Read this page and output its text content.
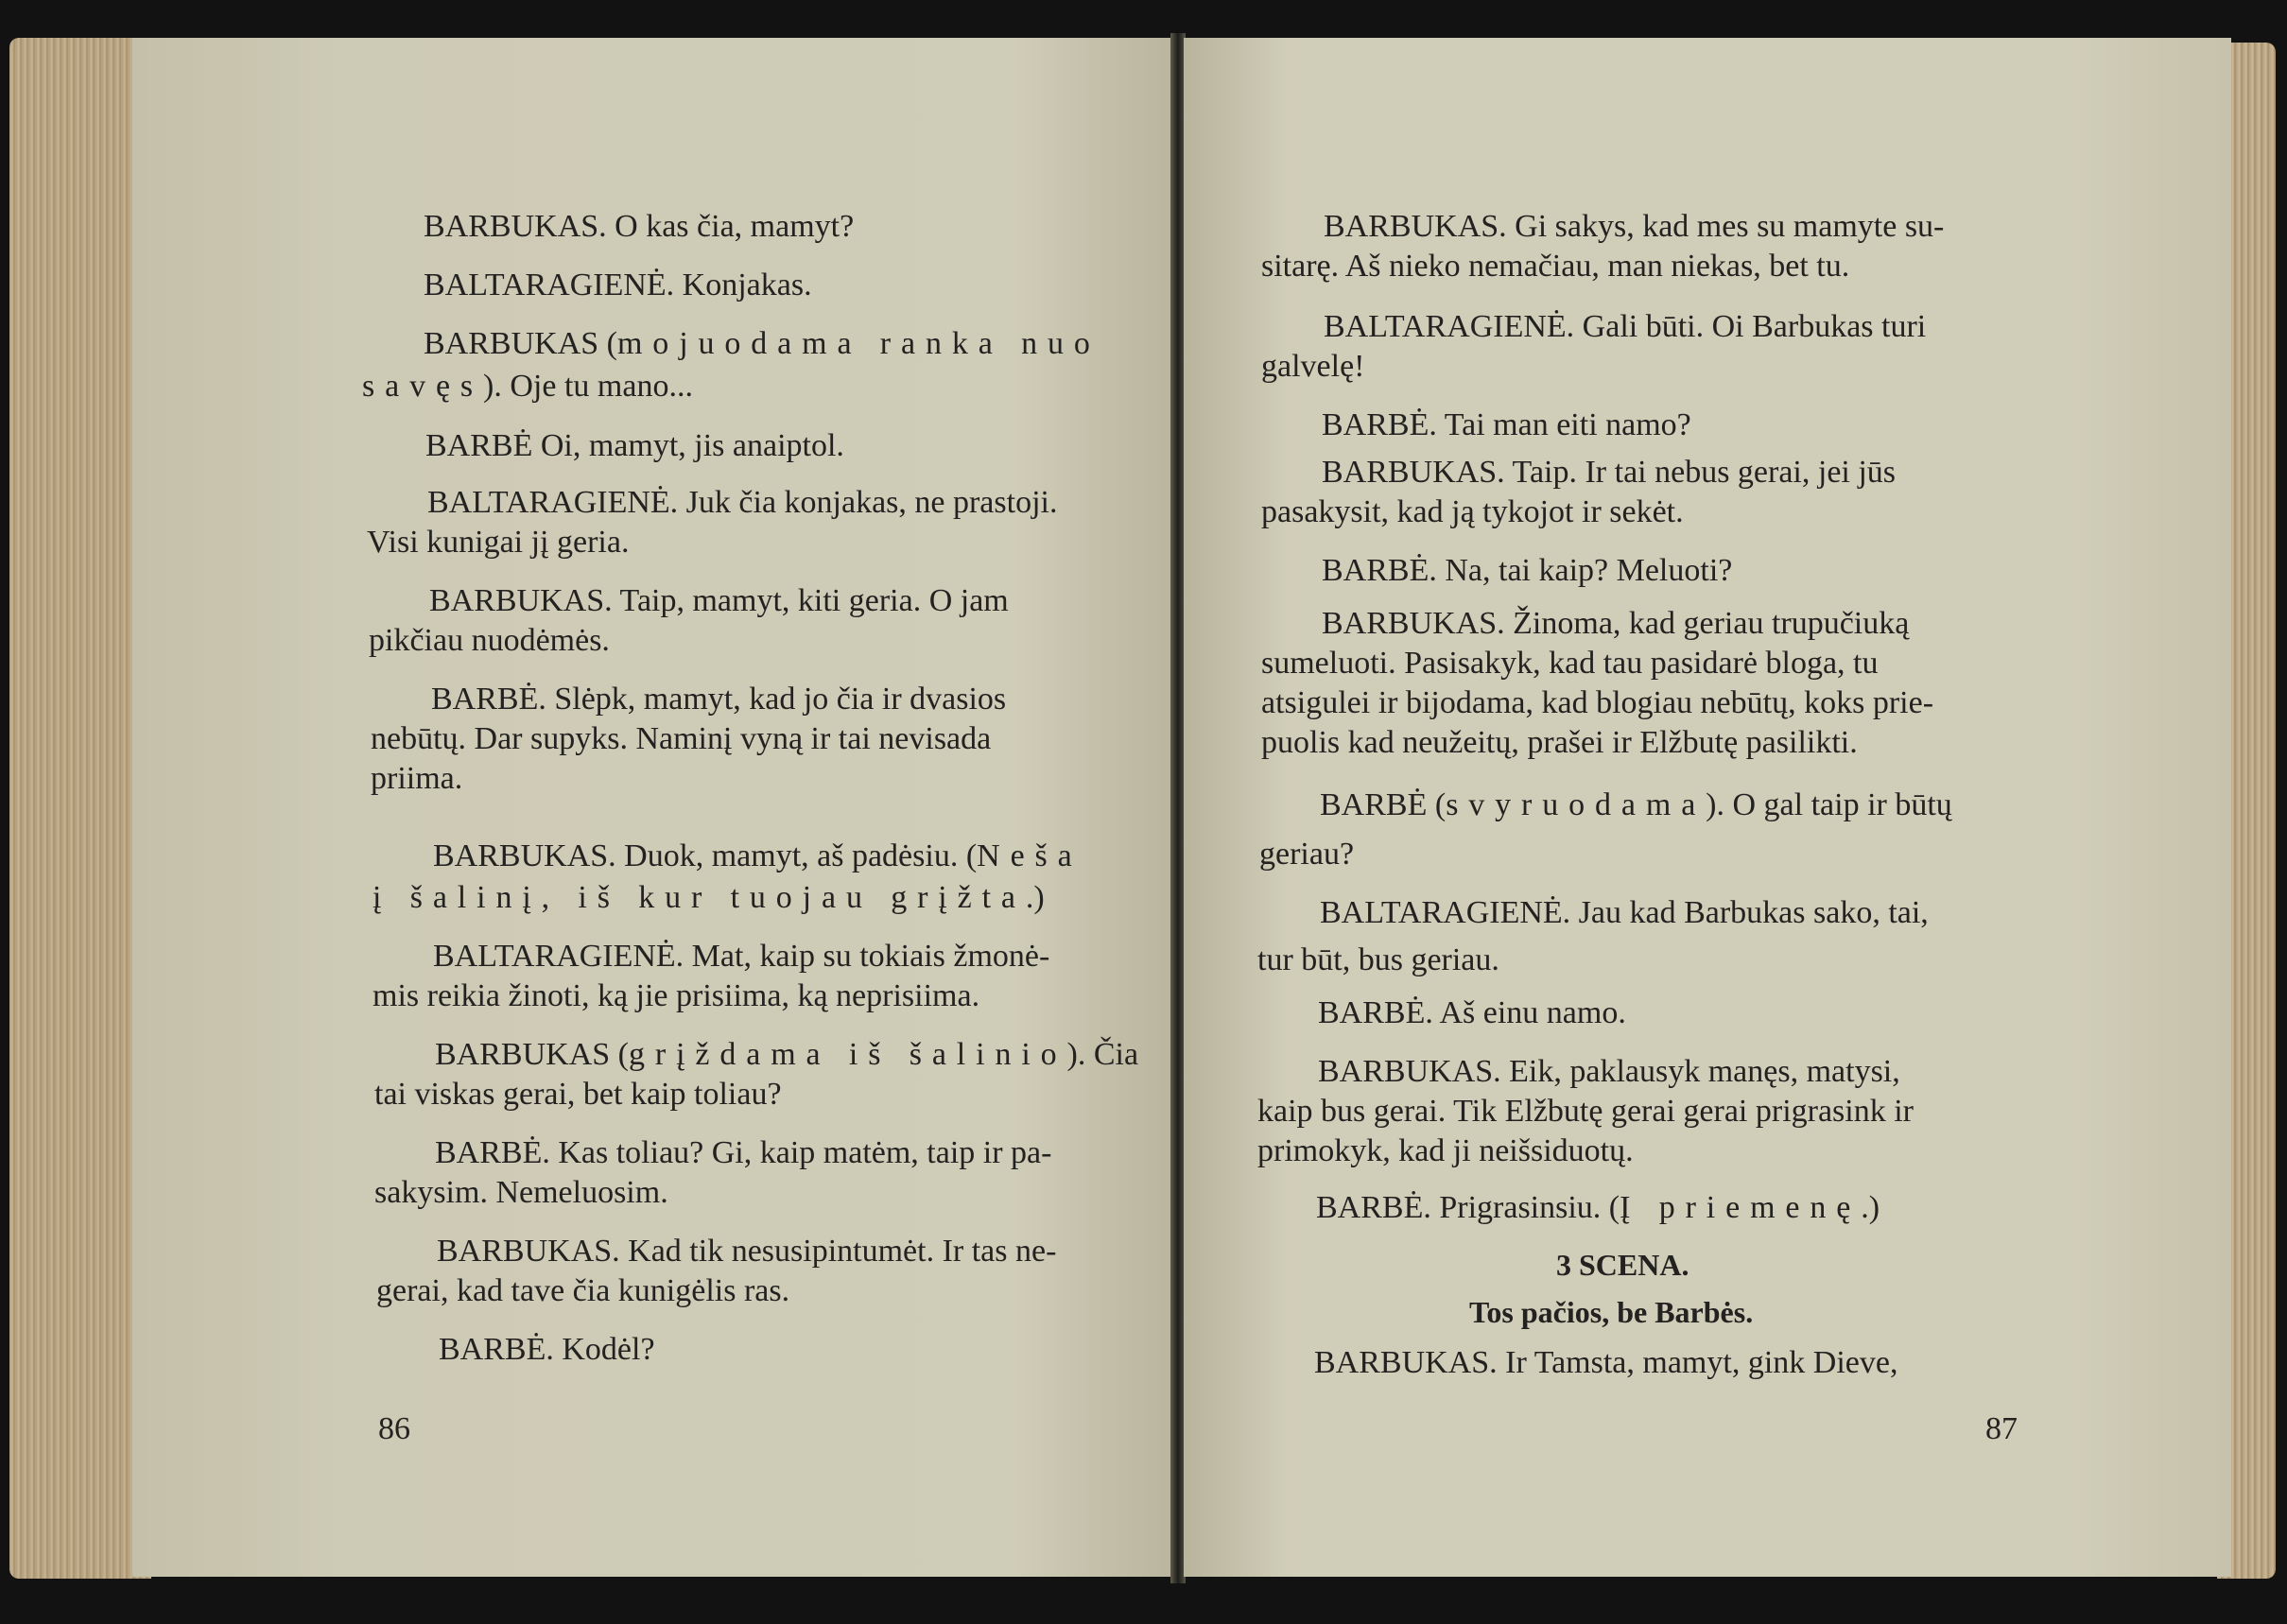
BARBUKAS. O kas čia, mamyt?
BALTARAGIENĖ. Konjakas.
BARBUKAS (mojuodama ranka nuo
savęs). Oje tu mano...
BARBĖ Oi, mamyt, jis anaiptol.
BALTARAGIENĖ. Juk čia konjakas, ne prastoji.
Visi kunigai jį geria.
BARBUKAS. Taip, mamyt, kiti geria. O jam
pikčiau nuodėmės.
BARBĖ. Slėpk, mamyt, kad jo čia ir dvasios
nebūtų. Dar supyks. Naminį vyną ir tai nevisada
priima.
BARBUKAS. Duok, mamyt, aš padėsiu. (Neša
į šalinį, iš kur tuojau grįžta.)
BALTARAGIENĖ. Mat, kaip su tokiais žmonė-
mis reikia žinoti, ką jie prisiima, ką neprisiima.
BARBUKAS (grįždama iš šalinio). Čia
tai viskas gerai, bet kaip toliau?
BARBĖ. Kas toliau? Gi, kaip matėm, taip ir pa-
sakysim. Nemeluosim.
BARBUKAS. Kad tik nesusipintumėt. Ir tas ne-
gerai, kad tave čia kunigėlis ras.
BARBĖ. Kodėl?
86
BARBUKAS. Gi sakys, kad mes su mamyte su-
sitarę. Aš nieko nemačiau, man niekas, bet tu.
BALTARAGIENĖ. Gali būti. Oi Barbukas turi
galvelę!
BARBĖ. Tai man eiti namo?
BARBUKAS. Taip. Ir tai nebus gerai, jei jūs
pasakysit, kad ją tykojot ir sekėt.
BARBĖ. Na, tai kaip? Meluoti?
BARBUKAS. Žinoma, kad geriau trupučiuką
sumeluoti. Pasisakyk, kad tau pasidarė bloga, tu
atsigulei ir bijodama, kad blogiau nebūtų, koks prie-
puolis kad neužeitų, prašei ir Elžbutę pasilikti.
BARBĖ (svyruodama). O gal taip ir būtų
geriau?
BALTARAGIENĖ. Jau kad Barbukas sako, tai,
tur būt, bus geriau.
BARBĖ. Aš einu namo.
BARBUKAS. Eik, paklausyk manęs, matysi,
kaip bus gerai. Tik Elžbutę gerai gerai prigrasink ir
primokyk, kad ji neišsiduotų.
BARBĖ. Prigrasinsiu. (Į priemenę.)
3 SCENA.
Tos pačios, be Barbės.
BARBUKAS. Ir Tamsta, mamyt, gink Dieve,
87
